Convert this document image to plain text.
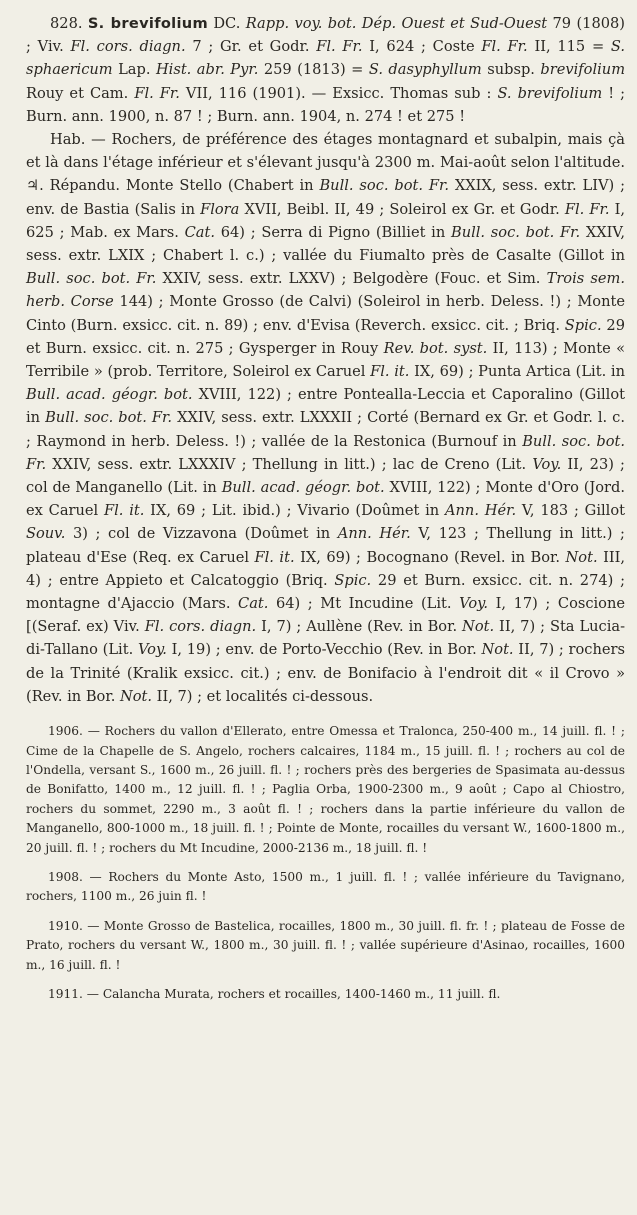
828. S. brevifolium DC. Rapp. voy. bot. Dép. Ouest et Sud-Ouest 79 (1808) ; Viv. Fl. cors. diagn. 7 ; Gr. et Godr. Fl. Fr. I, 624 ; Coste Fl. Fr. II, 115 = S. sphaericum Lap. Hist. abr. Pyr. 259 (1813) = S. dasyphyllum subsp. brevifolium Rouy et Cam. Fl. Fr. VII, 116 (1901). — Exsicc. Thomas sub : S. brevifolium ! ; Burn. ann. 1900, n. 87 ! ; Burn. ann. 1904, n. 274 ! et 275 !

Hab. — Rochers, de préférence des étages montagnard et subalpin, mais çà et là dans l'étage inférieur et s'élevant jusqu'à 2300 m. Mai-août selon l'altitude. ♃. Répandu. Monte Stello (Chabert in Bull. soc. bot. Fr. XXIX, sess. extr. LIV) ; env. de Bastia (Salis in Flora XVII, Beibl. II, 49 ; Soleirol ex Gr. et Godr. Fl. Fr. I, 625 ; Mab. ex Mars. Cat. 64) ; Serra di Pigno (Billiet in Bull. soc. bot. Fr. XXIV, sess. extr. LXIX ; Chabert l. c.) ; vallée du Fiumalto près de Casalte (Gillot in Bull. soc. bot. Fr. XXIV, sess. extr. LXXV) ; Belgodère (Fouc. et Sim. Trois sem. herb. Corse 144) ; Monte Grosso (de Calvi) (Soleirol in herb. Deless. !) ; Monte Cinto (Burn. exsicc. cit. n. 89) ; env. d'Evisa (Reverch. exsicc. cit. ; Briq. Spic. 29 et Burn. exsicc. cit. n. 275 ; Gysperger in Rouy Rev. bot. syst. II, 113) ; Monte « Terribile » (prob. Territore, Soleirol ex Caruel Fl. it. IX, 69) ; Punta Artica (Lit. in Bull. acad. géogr. bot. XVIII, 122) ; entre Pontealla-Leccia et Caporalino (Gillot in Bull. soc. bot. Fr. XXIV, sess. extr. LXXXII ; Corté (Bernard ex Gr. et Godr. l. c. ; Raymond in herb. Deless. !) ; vallée de la Restonica (Burnouf in Bull. soc. bot. Fr. XXIV, sess. extr. LXXXIV ; Thellung in litt.) ; lac de Creno (Lit. Voy. II, 23) ; col de Manganello (Lit. in Bull. acad. géogr. bot. XVIII, 122) ; Monte d'Oro (Jord. ex Caruel Fl. it. IX, 69 ; Lit. ibid.) ; Vivario (Doûmet in Ann. Hér. V, 183 ; Gillot Souv. 3) ; col de Vizzavona (Doûmet in Ann. Hér. V, 123 ; Thellung in litt.) ; plateau d'Ese (Req. ex Caruel Fl. it. IX, 69) ; Bocognano (Revel. in Bor. Not. III, 4) ; entre Appieto et Calcatoggio (Briq. Spic. 29 et Burn. exsicc. cit. n. 274) ; montagne d'Ajaccio (Mars. Cat. 64) ; Mt Incudine (Lit. Voy. I, 17) ; Coscione [(Seraf. ex) Viv. Fl. cors. diagn. I, 7) ; Aullène (Rev. in Bor. Not. II, 7) ; Sta Lucia-di-Tallano (Lit. Voy. I, 19) ; env. de Porto-Vecchio (Rev. in Bor. Not. II, 7) ; rochers de la Trinité (Kralik exsicc. cit.) ; env. de Bonifacio à l'endroit dit « il Crovo » (Rev. in Bor. Not. II, 7) ; et localités ci-dessous.

1906. — Rochers du vallon d'Ellerato, entre Omessa et Tralonca, 250-400 m., 14 juill. fl. ! ; Cime de la Chapelle de S. Angelo, rochers calcaires, 1184 m., 15 juill. fl. ! ; rochers au col de l'Ondella, versant S., 1600 m., 26 juill. fl. ! ; rochers près des bergeries de Spasimata au-dessus de Bonifatto, 1400 m., 12 juill. fl. ! ; Paglia Orba, 1900-2300 m., 9 août ; Capo al Chiostro, rochers du sommet, 2290 m., 3 août fl. ! ; rochers dans la partie inférieure du vallon de Manganello, 800-1000 m., 18 juill. fl. ! ; Pointe de Monte, rocailles du versant W., 1600-1800 m., 20 juill. fl. ! ; rochers du Mt Incudine, 2000-2136 m., 18 juill. fl. !

1908. — Rochers du Monte Asto, 1500 m., 1 juill. fl. ! ; vallée inférieure du Tavignano, rochers, 1100 m., 26 juin fl. !

1910. — Monte Grosso de Bastelica, rocailles, 1800 m., 30 juill. fl. fr. ! ; plateau de Fosse de Prato, rochers du versant W., 1800 m., 30 juill. fl. ! ; vallée supérieure d'Asinao, rocailles, 1600 m., 16 juill. fl. !

1911. — Calancha Murata, rochers et rocailles, 1400-1460 m., 11 juill. fl.
